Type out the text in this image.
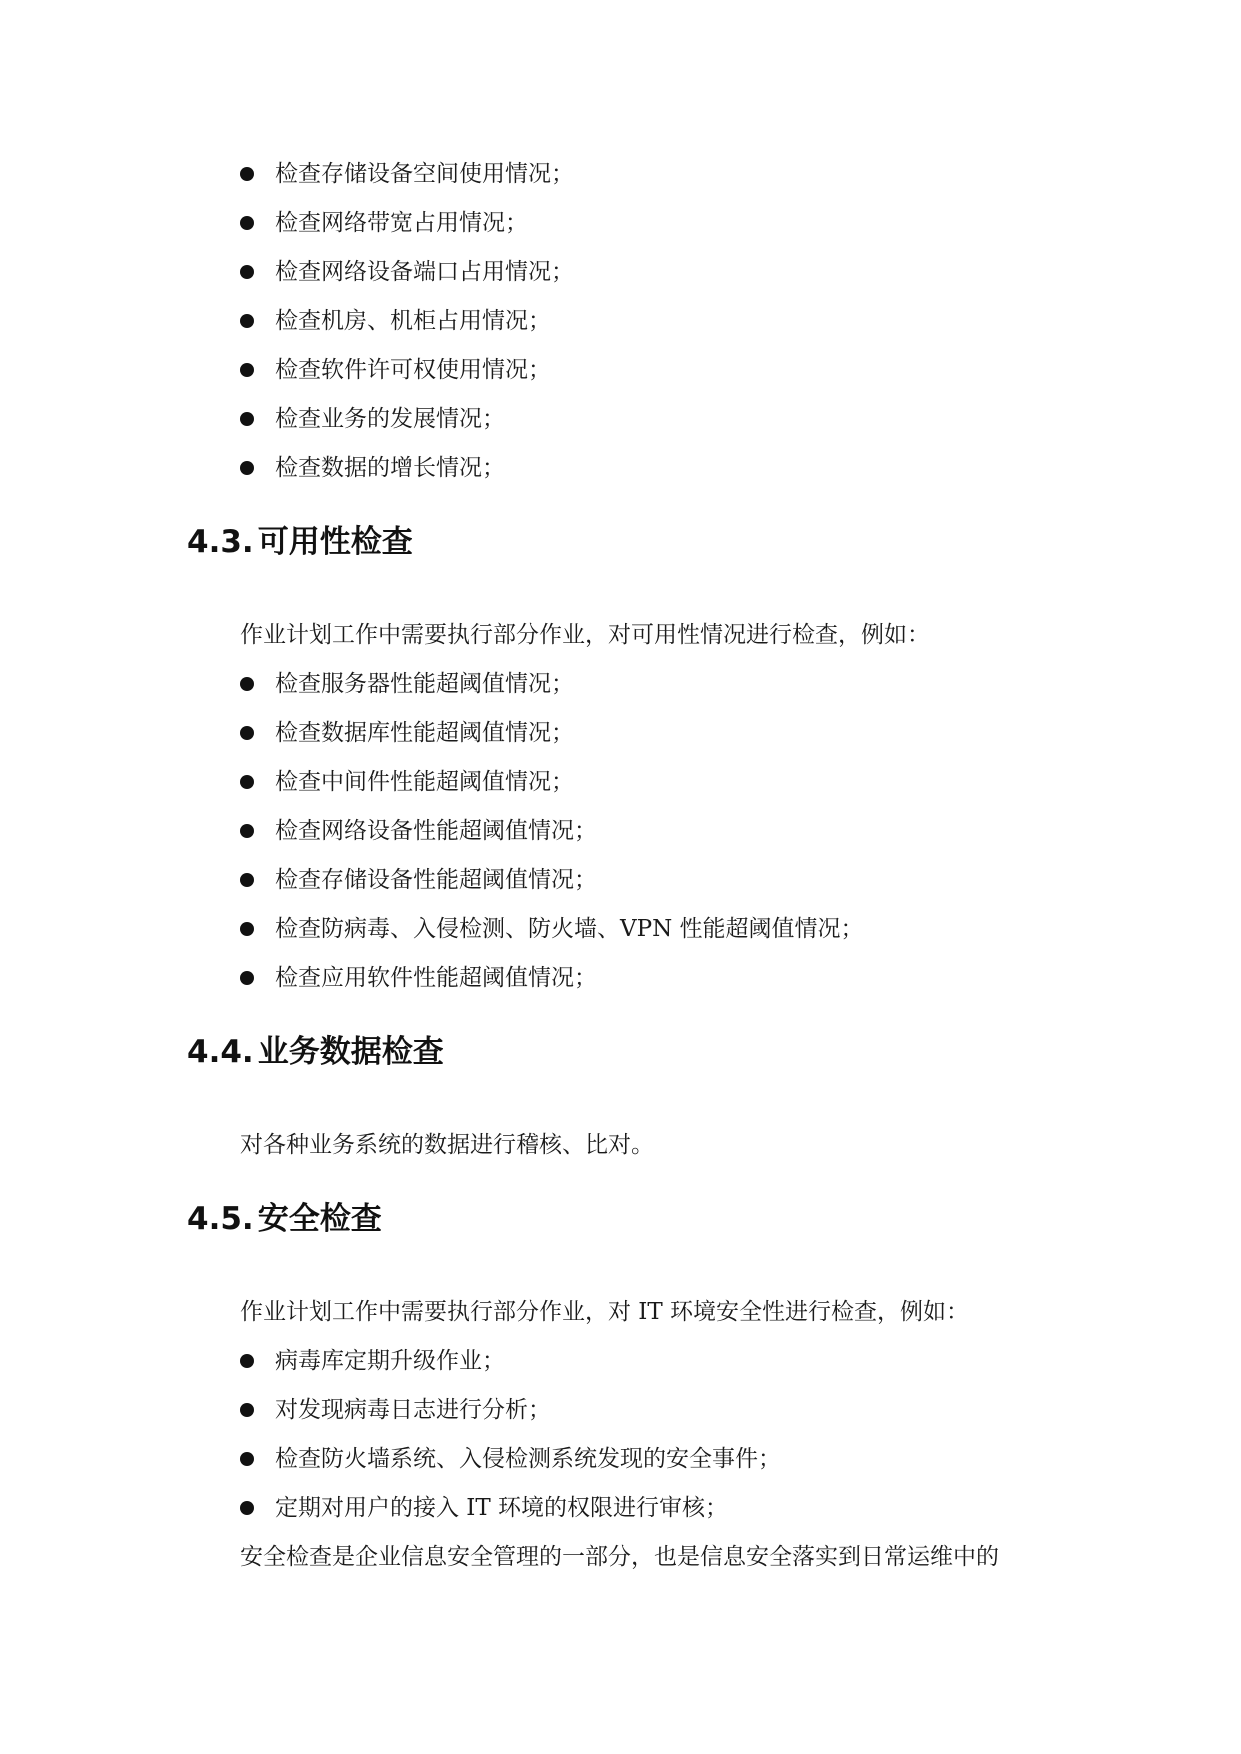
检查存储设备空间使用情况；
检查网络带宽占用情况；
检查网络设备端口占用情况；
检查机房、机柜占用情况；
检查软件许可权使用情况；
检查业务的发展情况；
检查数据的增长情况；
4.3. 可用性检查

作业计划工作中需要执行部分作业，对可用性情况进行检查，例如：

检查服务器性能超阈值情况；
检查数据库性能超阈值情况；
检查中间件性能超阈值情况；
检查网络设备性能超阈值情况；
检查存储设备性能超阈值情况；
检查防病毒、入侵检测、防火墙、VPN 性能超阈值情况；
检查应用软件性能超阈值情况；
4.4. 业务数据检查

对各种业务系统的数据进行稽核、比对。

4.5. 安全检查

作业计划工作中需要执行部分作业，对 IT 环境安全性进行检查，例如：

病毒库定期升级作业；
对发现病毒日志进行分析；
检查防火墙系统、入侵检测系统发现的安全事件；
定期对用户的接入 IT 环境的权限进行审核；

安全检查是企业信息安全管理的一部分，也是信息安全落实到日常运维中的
